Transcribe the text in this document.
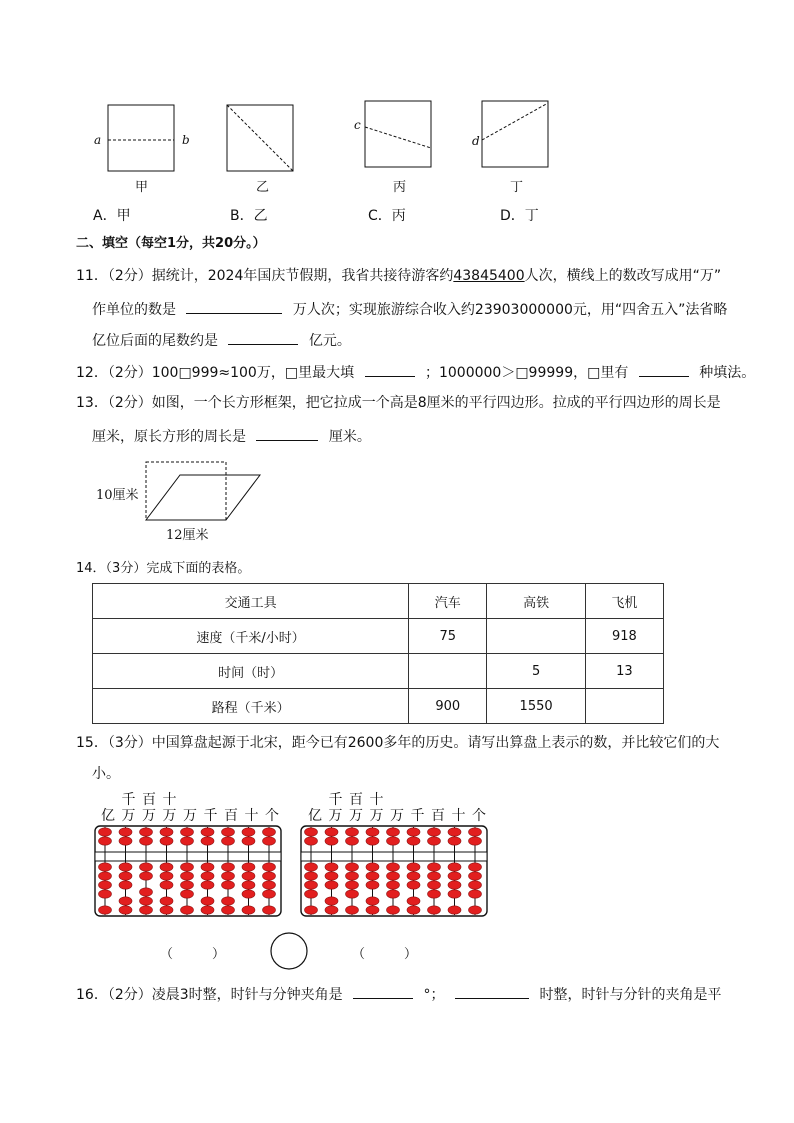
a	b
c
d
甲	乙	丙	丁
A．甲	B．乙	C．丙	D．丁
二、填空（每空1分，共20分。）
11．（2分）据统计，2024年国庆节假期，我省共接待游客约43845400人次，横线上的数改写成用“万”
作单位的数是	万人次；实现旅游综合收入约23903000000元，用“四舍五入”法省略
亿位后面的尾数约是	亿元。
12．（2分）100□999≈100万，□里最大填	；1000000＞□99999，□里有	种填法。
13．（2分）如图，一个长方形框架，把它拉成一个高是8厘米的平行四边形。拉成的平行四边形的周长是
厘米，原长方形的周长是	厘米。
10厘米
12厘米
14．（3分）完成下面的表格。
交通工具	汽车	高铁	飞机
速度（千米/小时）	75		918
时间（时）		5	13
路程（千米）	900	1550	
15．（3分）中国算盘起源于北宋，距今已有2600多年的历史。请写出算盘上表示的数，并比较它们的大
小。
亿
千
万
百
万
十
万 万 千 百 十 个 亿
千
万
百
万
十
万 万 千 百 十 个
（　　　）	（　　　）
16．（2分）凌晨3时整，时针与分钟夹角是	°；	时整，时针与分针的夹角是平
